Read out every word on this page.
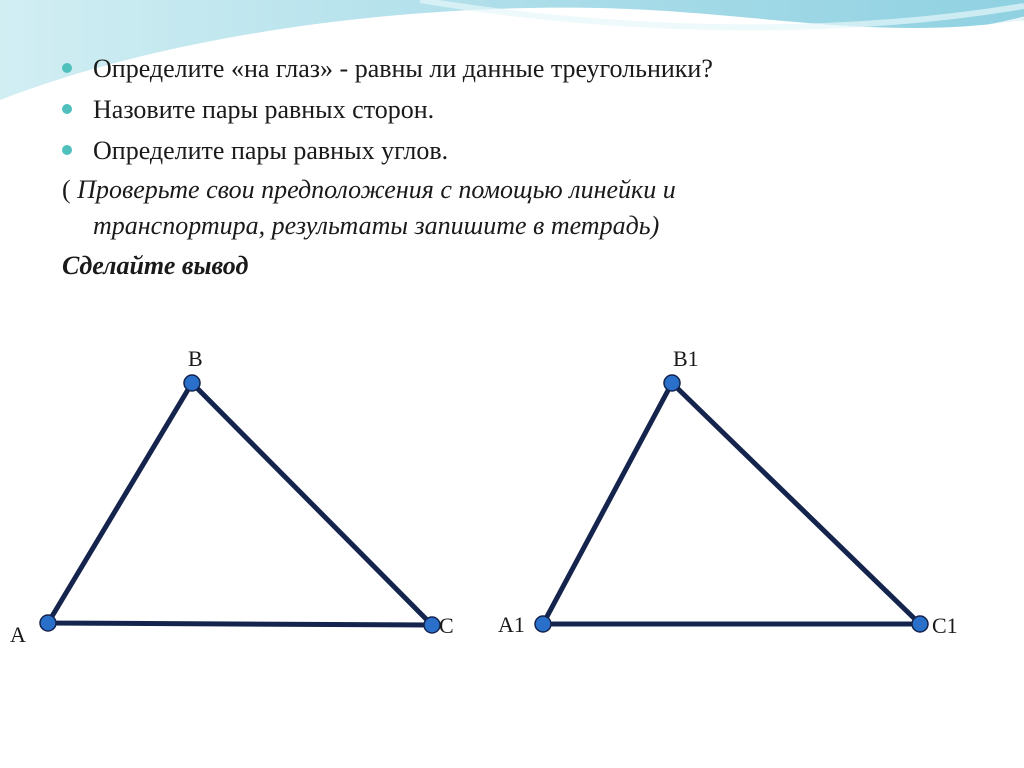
Определите «на глаз» - равны ли данные треугольники?
Назовите пары равных сторон.
Определите пары равных углов.
( Проверьте свои предположения с помощью линейки и
транспортира, результаты запишите в тетрадь)
Сделайте вывод
A
B
C A1
B1
C1
